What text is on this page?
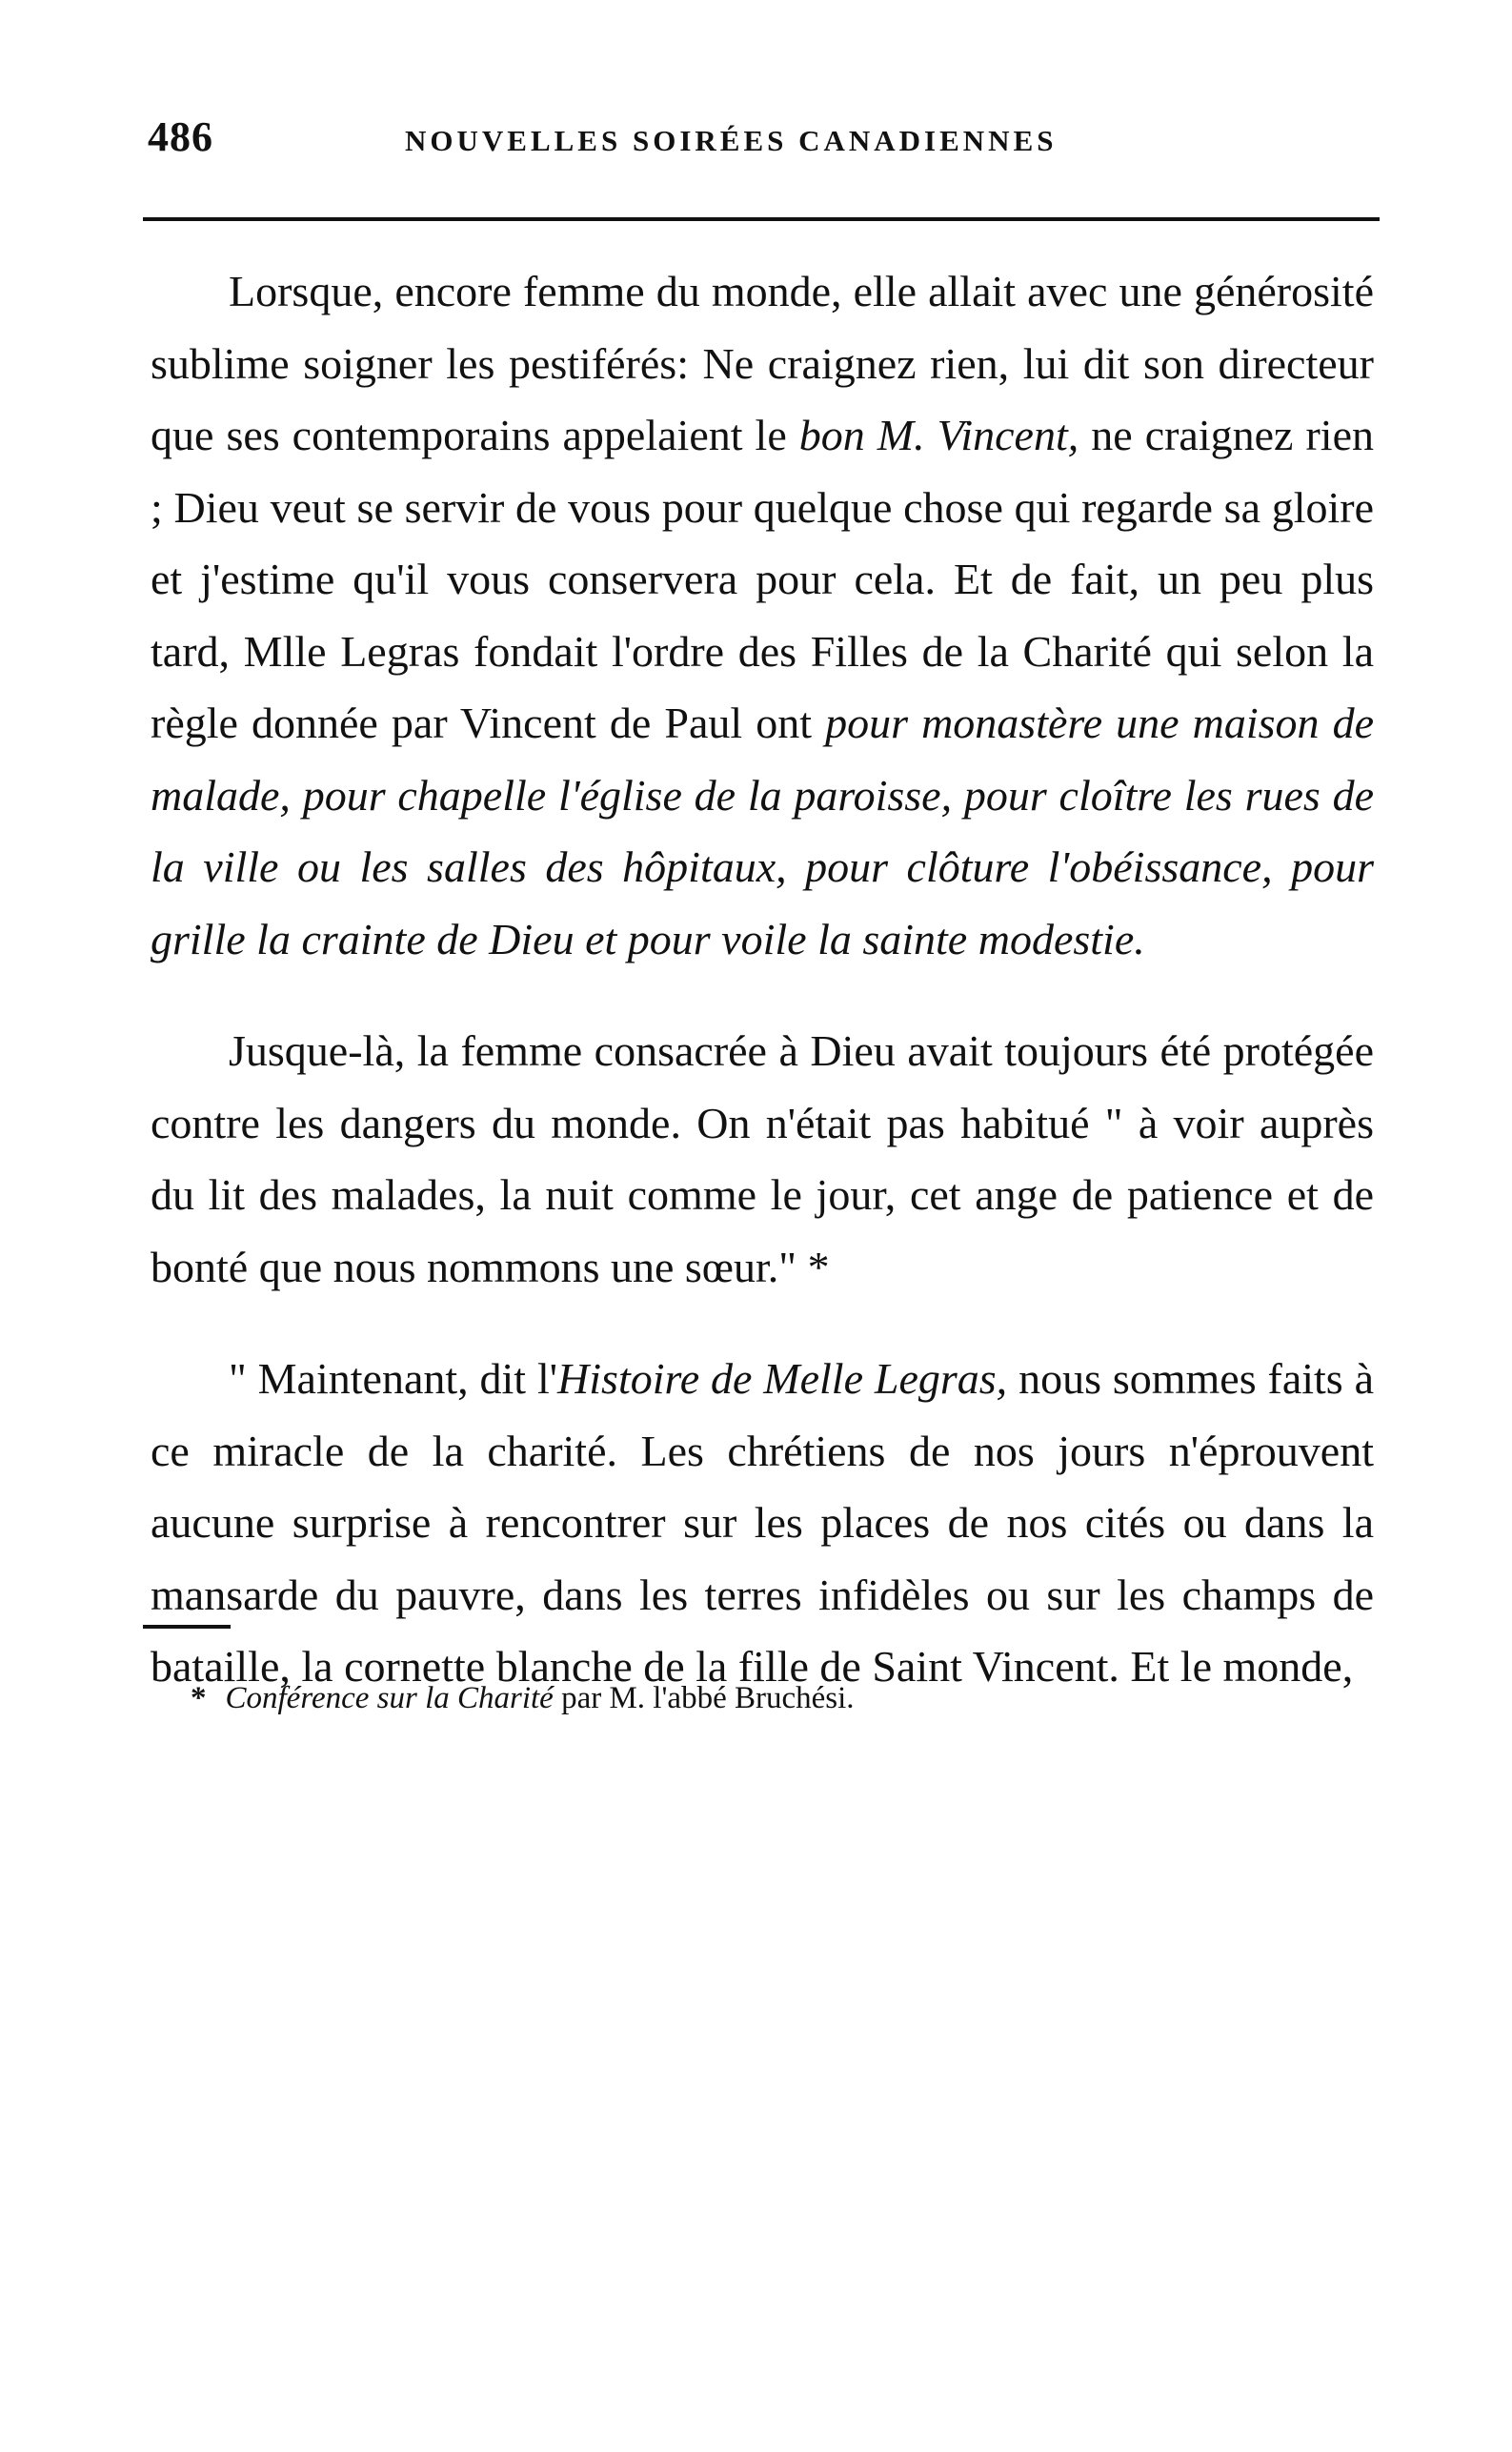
486	NOUVELLES SOIRÉES CANADIENNES

Lorsque, encore femme du monde, elle allait avec une générosité sublime soigner les pestiférés: Ne craignez rien, lui dit son directeur que ses contemporains appelaient le bon M. Vincent, ne craignez rien ; Dieu veut se servir de vous pour quelque chose qui regarde sa gloire et j'estime qu'il vous conservera pour cela. Et de fait, un peu plus tard, Mlle Legras fondait l'ordre des Filles de la Charité qui selon la règle donnée par Vincent de Paul ont pour monastère une maison de malade, pour chapelle l'église de la paroisse, pour cloître les rues de la ville ou les salles des hôpitaux, pour clôture l'obéissance, pour grille la crainte de Dieu et pour voile la sainte modestie.

Jusque-là, la femme consacrée à Dieu avait toujours été protégée contre les dangers du monde. On n'était pas habitué " à voir auprès du lit des malades, la nuit comme le jour, cet ange de patience et de bonté que nous nommons une sœur." *

" Maintenant, dit l'Histoire de Melle Legras, nous sommes faits à ce miracle de la charité. Les chrétiens de nos jours n'éprouvent aucune surprise à rencontrer sur les places de nos cités ou dans la mansarde du pauvre, dans les terres infidèles ou sur les champs de bataille, la cornette blanche de la fille de Saint Vincent. Et le monde,

* Conférence sur la Charité par M. l'abbé Bruchési.
